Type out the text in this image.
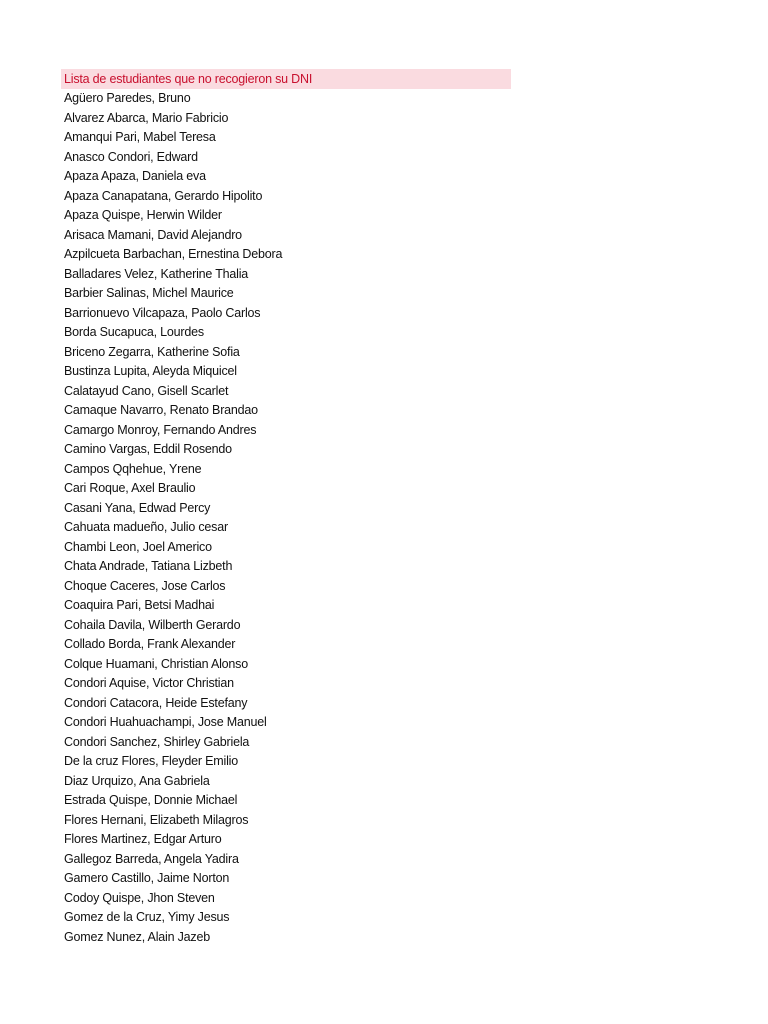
Lista de estudiantes que no recogieron su DNI
Agüero Paredes, Bruno
Alvarez Abarca, Mario Fabricio
Amanqui Pari, Mabel Teresa
Anasco Condori, Edward
Apaza Apaza, Daniela eva
Apaza Canapatana, Gerardo Hipolito
Apaza Quispe, Herwin Wilder
Arisaca Mamani, David Alejandro
Azpilcueta Barbachan, Ernestina Debora
Balladares Velez, Katherine Thalia
Barbier Salinas, Michel Maurice
Barrionuevo Vilcapaza, Paolo Carlos
Borda Sucapuca, Lourdes
Briceno Zegarra, Katherine Sofia
Bustinza Lupita, Aleyda Miquicel
Calatayud Cano, Gisell Scarlet
Camaque Navarro, Renato Brandao
Camargo Monroy, Fernando Andres
Camino Vargas, Eddil Rosendo
Campos Qqhehue, Yrene
Cari Roque, Axel Braulio
Casani Yana, Edwad Percy
Cahuata madueño, Julio cesar
Chambi Leon, Joel Americo
Chata Andrade, Tatiana Lizbeth
Choque Caceres, Jose Carlos
Coaquira Pari, Betsi Madhai
Cohaila Davila, Wilberth Gerardo
Collado Borda, Frank Alexander
Colque Huamani, Christian Alonso
Condori Aquise, Victor Christian
Condori Catacora, Heide Estefany
Condori Huahuachampi, Jose Manuel
Condori Sanchez, Shirley Gabriela
De la cruz Flores, Fleyder Emilio
Diaz Urquizo, Ana Gabriela
Estrada Quispe, Donnie Michael
Flores Hernani, Elizabeth Milagros
Flores Martinez, Edgar Arturo
Gallegoz Barreda, Angela Yadira
Gamero Castillo, Jaime Norton
Codoy Quispe, Jhon Steven
Gomez de la Cruz, Yimy Jesus
Gomez Nunez, Alain Jazeb
